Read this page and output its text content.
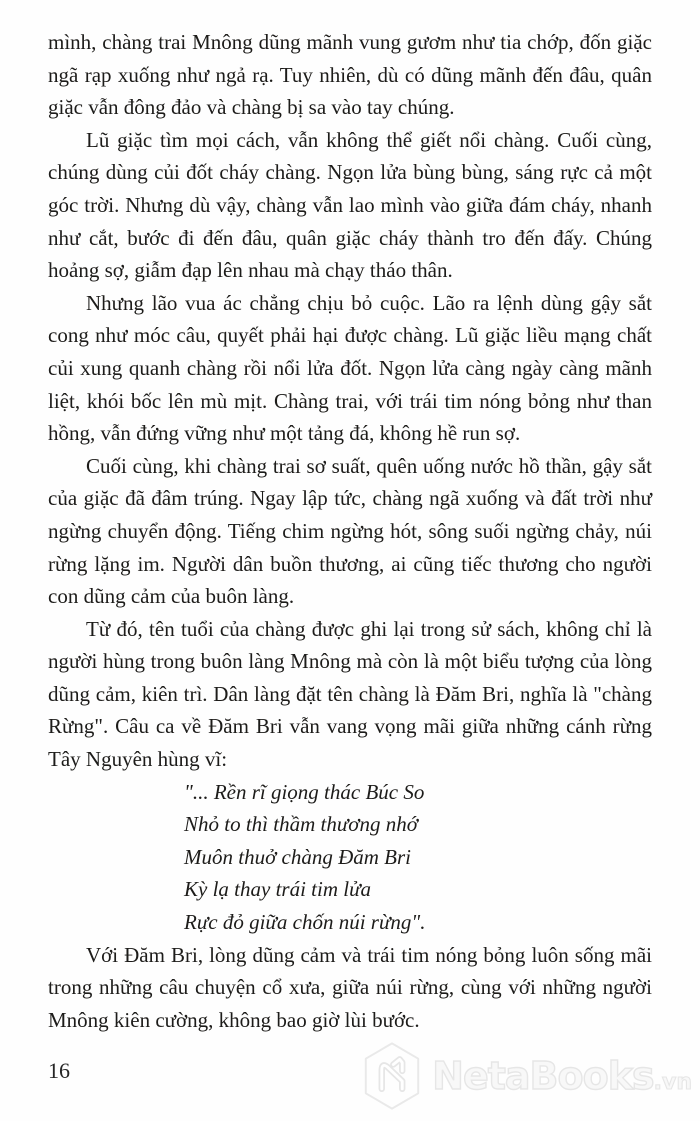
mình, chàng trai Mnông dũng mãnh vung gươm như tia chớp, đốn giặc ngã rạp xuống như ngả rạ. Tuy nhiên, dù có dũng mãnh đến đâu, quân giặc vẫn đông đảo và chàng bị sa vào tay chúng.

Lũ giặc tìm mọi cách, vẫn không thể giết nổi chàng. Cuối cùng, chúng dùng củi đốt cháy chàng. Ngọn lửa bùng bùng, sáng rực cả một góc trời. Nhưng dù vậy, chàng vẫn lao mình vào giữa đám cháy, nhanh như cắt, bước đi đến đâu, quân giặc cháy thành tro đến đấy. Chúng hoảng sợ, giẫm đạp lên nhau mà chạy tháo thân.

Nhưng lão vua ác chẳng chịu bỏ cuộc. Lão ra lệnh dùng gậy sắt cong như móc câu, quyết phải hại được chàng. Lũ giặc liều mạng chất củi xung quanh chàng rồi nổi lửa đốt. Ngọn lửa càng ngày càng mãnh liệt, khói bốc lên mù mịt. Chàng trai, với trái tim nóng bỏng như than hồng, vẫn đứng vững như một tảng đá, không hề run sợ.

Cuối cùng, khi chàng trai sơ suất, quên uống nước hồ thần, gậy sắt của giặc đã đâm trúng. Ngay lập tức, chàng ngã xuống và đất trời như ngừng chuyển động. Tiếng chim ngừng hót, sông suối ngừng chảy, núi rừng lặng im. Người dân buồn thương, ai cũng tiếc thương cho người con dũng cảm của buôn làng.

Từ đó, tên tuổi của chàng được ghi lại trong sử sách, không chỉ là người hùng trong buôn làng Mnông mà còn là một biểu tượng của lòng dũng cảm, kiên trì. Dân làng đặt tên chàng là Đăm Bri, nghĩa là "chàng Rừng". Câu ca về Đăm Bri vẫn vang vọng mãi giữa những cánh rừng Tây Nguyên hùng vĩ:

"... Rền rĩ giọng thác Búc So
Nhỏ to thì thầm thương nhớ
Muôn thuở chàng Đăm Bri
Kỳ lạ thay trái tim lửa
Rực đỏ giữa chốn núi rừng".

Với Đăm Bri, lòng dũng cảm và trái tim nóng bỏng luôn sống mãi trong những câu chuyện cổ xưa, giữa núi rừng, cùng với những người Mnông kiên cường, không bao giờ lùi bước.

16	NetaBooks.vn
